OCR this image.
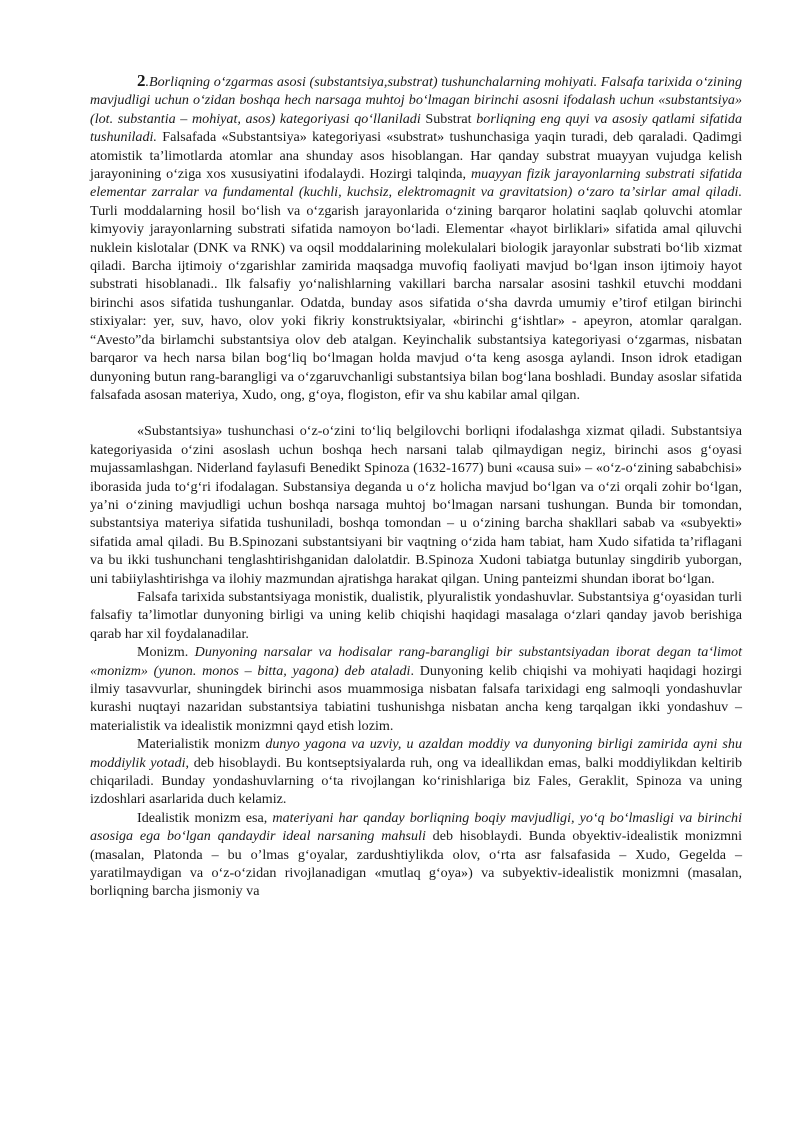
2.Borliqning oʻzgarmas asosi (substantsiya,substrat) tushunchalarning mohiyati. Falsafa tarixida oʻzining mavjudligi uchun oʻzidan boshqa hech narsaga muhtoj boʻlmagan birinchi asosni ifodalash uchun «substantsiya» (lot. substantia – mohiyat, asos) kategoriyasi qoʻllaniladi Substrat borliqning eng quyi va asosiy qatlami sifatida tushuniladi. Falsafada «Substantsiya» kategoriyasi «substrat» tushunchasiga yaqin turadi, deb qaraladi. Qadimgi atomistik taʼlimotlarda atomlar ana shunday asos hisoblangan. Har qanday substrat muayyan vujudga kelish jarayonining oʻziga xos xususiyatini ifodalaydi. Hozirgi talqinda, muayyan fizik jarayonlarning substrati sifatida elementar zarralar va fundamental (kuchli, kuchsiz, elektromagnit va gravitatsion) oʻzaro taʼsirlar amal qiladi. Turli moddalarning hosil boʻlish va oʻzgarish jarayonlarida oʻzining barqaror holatini saqlab qoluvchi atomlar kimyoviy jarayonlarning substrati sifatida namoyon boʻladi. Elementar «hayot birliklari» sifatida amal qiluvchi nuklein kislotalar (DNK va RNK) va oqsil moddalarining molekulalari biologik jarayonlar substrati boʻlib xizmat qiladi. Barcha ijtimoiy oʻzgarishlar zamirida maqsadga muvofiq faoliyati mavjud boʻlgan inson ijtimoiy hayot substrati hisoblanadi.. Ilk falsafiy yoʻnalishlarning vakillari barcha narsalar asosini tashkil etuvchi moddani birinchi asos sifatida tushunganlar. Odatda, bunday asos sifatida oʻsha davrda umumiy eʼtirof etilgan birinchi stixiyalar: yer, suv, havo, olov yoki fikriy konstruktsiyalar, «birinchi gʻishtlar» - apeyron, atomlar qaralgan. “Avesto”da birlamchi substantsiya olov deb atalgan. Keyinchalik substantsiya kategoriyasi oʻzgarmas, nisbatan barqaror va hech narsa bilan bogʻliq boʻlmagan holda mavjud oʻta keng asosga aylandi. Inson idrok etadigan dunyoning butun rang-barangligi va oʻzgaruvchanligi substantsiya bilan bogʻlana boshladi. Bunday asoslar sifatida falsafada asosan materiya, Xudo, ong, gʻoya, flogiston, efir va shu kabilar amal qilgan.

«Substantsiya» tushunchasi oʻz-oʻzini toʻliq belgilovchi borliqni ifodalashga xizmat qiladi. Substantsiya kategoriyasida oʻzini asoslash uchun boshqa hech narsani talab qilmaydigan negiz, birinchi asos gʻoyasi mujassamlashgan. Niderland faylasufi Benedikt Spinoza (1632-1677) buni «causa sui» – «oʻz-oʻzining sababchisi» iborasida juda toʻgʻri ifodalagan. Substansiya deganda u oʻz holicha mavjud boʻlgan va oʻzi orqali zohir boʻlgan, yaʼni oʻzining mavjudligi uchun boshqa narsaga muhtoj boʻlmagan narsani tushungan. Bunda bir tomondan, substantsiya materiya sifatida tushuniladi, boshqa tomondan – u oʻzining barcha shakllari sabab va «subyekti» sifatida amal qiladi. Bu B.Spinozani substantsiyani bir vaqtning oʻzida ham tabiat, ham Xudo sifatida taʼriflagani va bu ikki tushunchani tenglashtirishganidan dalolatdir. B.Spinoza Xudoni tabiatga butunlay singdirib yuborgan, uni tabiiylashtirishga va ilohiy mazmundan ajratishga harakat qilgan. Uning panteizmi shundan iborat boʻlgan.

Falsafa tarixida substantsiyaga monistik, dualistik, plyuralistik yondashuvlar. Substantsiya gʻoyasidan turli falsafiy taʼlimotlar dunyoning birligi va uning kelib chiqishi haqidagi masalaga oʻzlari qanday javob berishiga qarab har xil foydalanadilar.

Monizm. Dunyoning narsalar va hodisalar rang-barangligi bir substantsiyadan iborat degan taʻlimot «monizm» (yunon. monos – bitta, yagona) deb ataladi. Dunyoning kelib chiqishi va mohiyati haqidagi hozirgi ilmiy tasavvurlar, shuningdek birinchi asos muammosiga nisbatan falsafa tarixidagi eng salmoqli yondashuvlar kurashi nuqtayi nazaridan substantsiya tabiatini tushunishga nisbatan ancha keng tarqalgan ikki yondashuv – materialistik va idealistik monizmni qayd etish lozim.

Materialistik monizm dunyo yagona va uzviy, u azaldan moddiy va dunyoning birligi zamirida ayni shu moddiylik yotadi, deb hisoblaydi. Bu kontseptsiyalarda ruh, ong va ideallikdan emas, balki moddiylikdan keltirib chiqariladi. Bunday yondashuvlarning oʻta rivojlangan koʻrinishlariga biz Fales, Geraklit, Spinoza va uning izdoshlari asarlarida duch kelamiz.

Idealistik monizm esa, materiyani har qanday borliqning boqiy mavjudligi, yoʻq boʻlmasligi va birinchi asosiga ega boʻlgan qandaydir ideal narsaning mahsuli deb hisoblaydi. Bunda obyektiv-idealistik monizmni (masalan, Platonda – bu oʼlmas gʻoyalar, zardushtiylikda olov, oʻrta asr falsafasida – Xudo, Gegelda – yaratilmaydigan va oʻz-oʻzidan rivojlanadigan «mutlaq gʻoya») va subyektiv-idealistik monizmni (masalan, borliqning barcha jismoniy va
